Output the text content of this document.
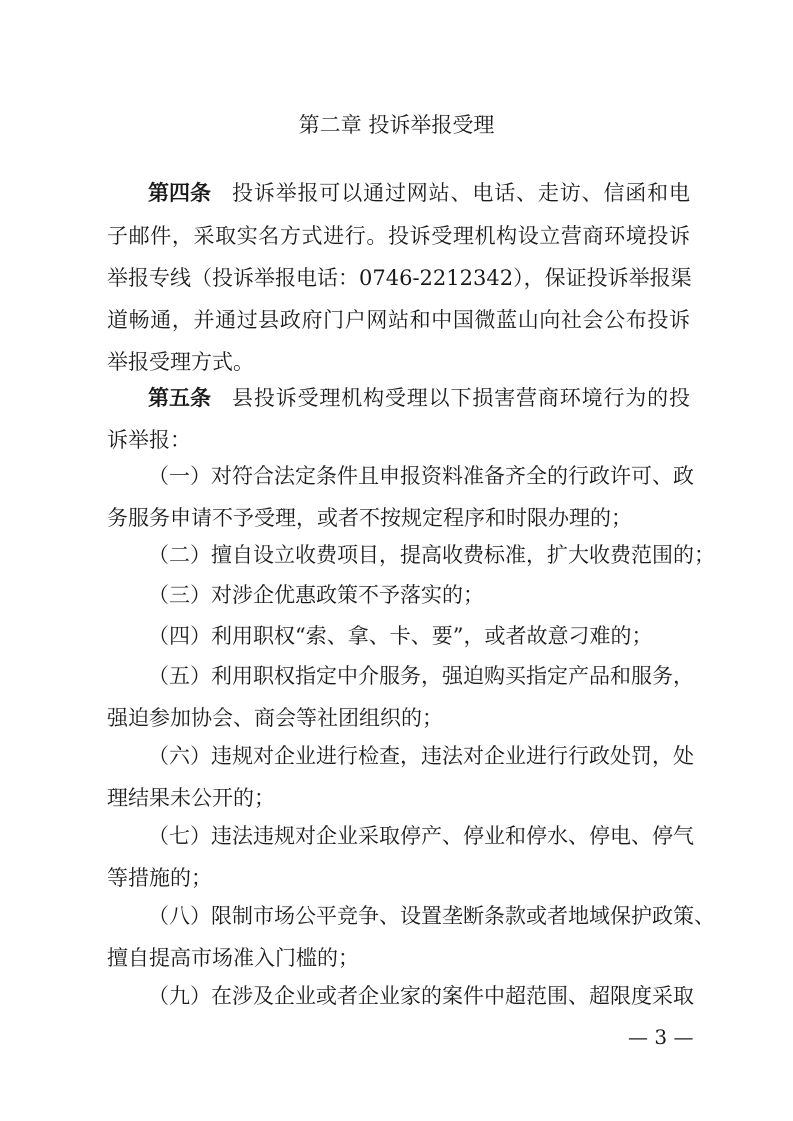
第二章 投诉举报受理
第四条 投诉举报可以通过网站、电话、走访、信函和电
子邮件，采取实名方式进行。投诉受理机构设立营商环境投诉
举报专线（投诉举报电话：0746-2212342），保证投诉举报渠
道畅通，并通过县政府门户网站和中国微蓝山向社会公布投诉
举报受理方式。
第五条 县投诉受理机构受理以下损害营商环境行为的投
诉举报：
（一）对符合法定条件且申报资料准备齐全的行政许可、政
务服务申请不予受理，或者不按规定程序和时限办理的；
（二）擅自设立收费项目，提高收费标准，扩大收费范围的；
（三）对涉企优惠政策不予落实的；
（四）利用职权“索、拿、卡、要”，或者故意刁难的；
（五）利用职权指定中介服务，强迫购买指定产品和服务，
强迫参加协会、商会等社团组织的；
（六）违规对企业进行检查，违法对企业进行行政处罚，处
理结果未公开的；
（七）违法违规对企业采取停产、停业和停水、停电、停气
等措施的；
（八）限制市场公平竞争、设置垄断条款或者地域保护政策、
擅自提高市场准入门槛的；
（九）在涉及企业或者企业家的案件中超范围、超限度采取
— 3 —
